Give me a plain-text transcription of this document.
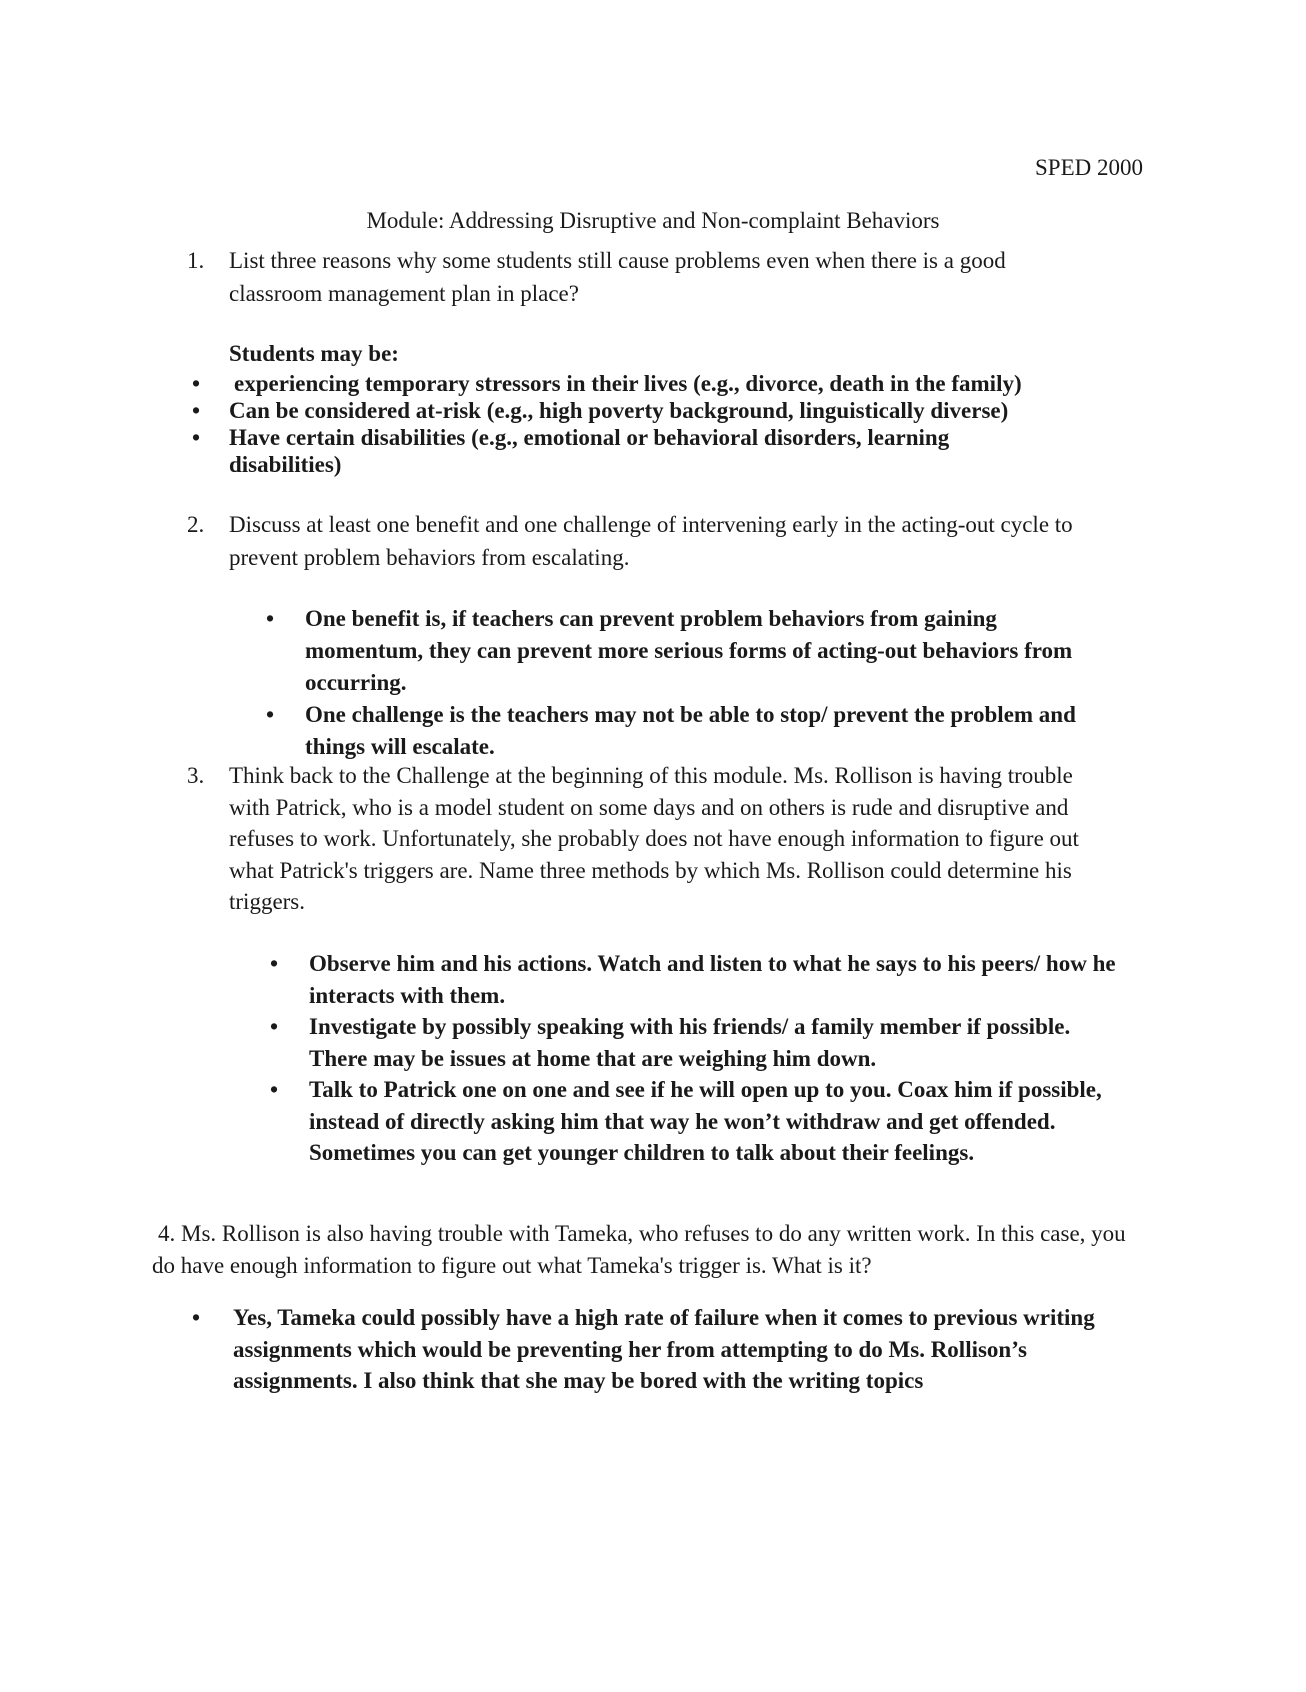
SPED 2000

Module: Addressing Disruptive and Non-complaint Behaviors

1.	List three reasons why some students still cause problems even when there is a good classroom management plan in place?

Students may be:

• experiencing temporary stressors in their lives (e.g., divorce, death in the family)
• Can be considered at-risk (e.g., high poverty background, linguistically diverse)
• Have certain disabilities (e.g., emotional or behavioral disorders, learning disabilities)
2.	Discuss at least one benefit and one challenge of intervening early in the acting-out cycle to prevent problem behaviors from escalating.
• One benefit is, if teachers can prevent problem behaviors from gaining momentum, they can prevent more serious forms of acting-out behaviors from occurring.
• One challenge is the teachers may not be able to stop/ prevent the problem and things will escalate.
3.	Think back to the Challenge at the beginning of this module. Ms. Rollison is having trouble with Patrick, who is a model student on some days and on others is rude and disruptive and refuses to work. Unfortunately, she probably does not have enough information to figure out what Patrick's triggers are. Name three methods by which Ms. Rollison could determine his triggers.
• Observe him and his actions. Watch and listen to what he says to his peers/ how he interacts with them.
• Investigate by possibly speaking with his friends/ a family member if possible. There may be issues at home that are weighing him down.
• Talk to Patrick one on one and see if he will open up to you. Coax him if possible, instead of directly asking him that way he won’t withdraw and get offended. Sometimes you can get younger children to talk about their feelings.
4. Ms. Rollison is also having trouble with Tameka, who refuses to do any written work. In this case, you do have enough information to figure out what Tameka's trigger is. What is it?
• Yes, Tameka could possibly have a high rate of failure when it comes to previous writing assignments which would be preventing her from attempting to do Ms. Rollison’s assignments. I also think that she may be bored with the writing topics
